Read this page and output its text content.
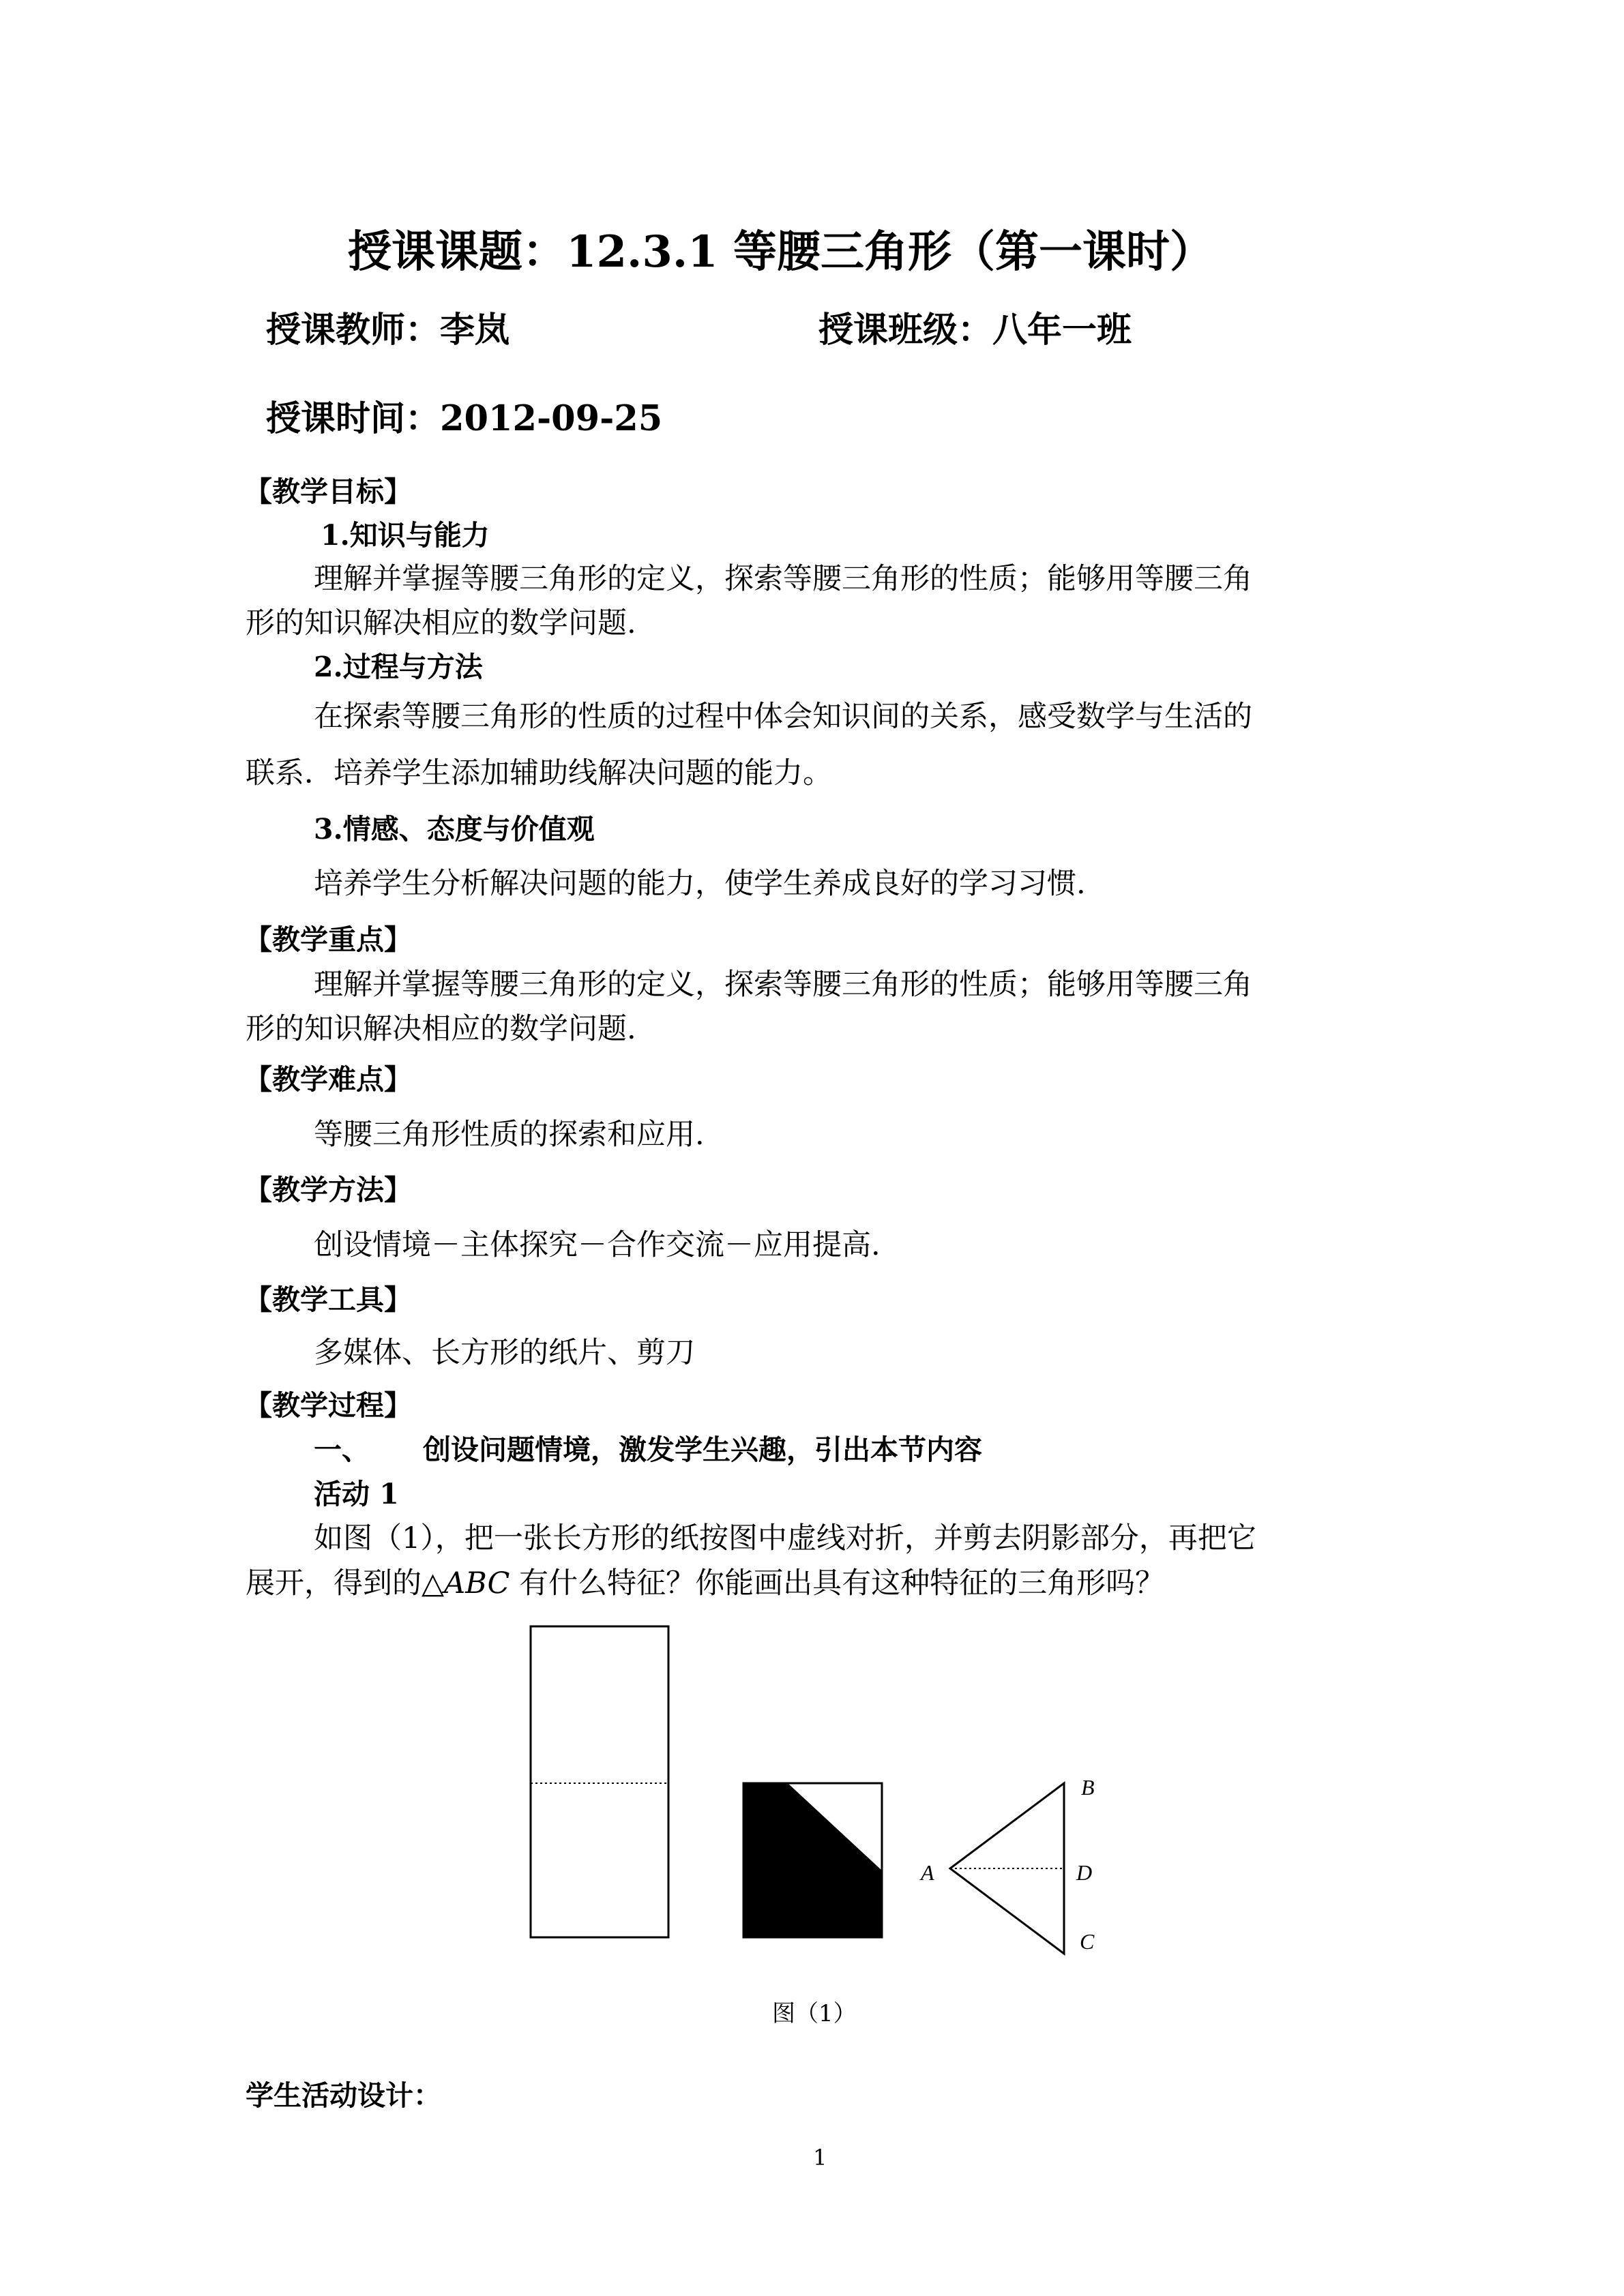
授课课题：12.3.1 等腰三角形（第一课时）
授课教师：李岚	授课班级：八年一班
授课时间：2012-09-25
【教学目标】
1.知识与能力
理解并掌握等腰三角形的定义，探索等腰三角形的性质；能够用等腰三角
形的知识解决相应的数学问题.
2.过程与方法
在探索等腰三角形的性质的过程中体会知识间的关系，感受数学与生活的
联系．培养学生添加辅助线解决问题的能力。
3.情感、态度与价值观
培养学生分析解决问题的能力，使学生养成良好的学习习惯.
【教学重点】
理解并掌握等腰三角形的定义，探索等腰三角形的性质；能够用等腰三角
形的知识解决相应的数学问题.
【教学难点】
等腰三角形性质的探索和应用.
【教学方法】
创设情境－主体探究－合作交流－应用提高.
【教学工具】
多媒体、长方形的纸片、剪刀
【教学过程】
一、 创设问题情境，激发学生兴趣，引出本节内容
活动 1
如图（1），把一张长方形的纸按图中虚线对折，并剪去阴影部分，再把它
展开，得到的△ABC 有什么特征？你能画出具有这种特征的三角形吗？
A
B
D
C
图（1）
学生活动设计：
1
